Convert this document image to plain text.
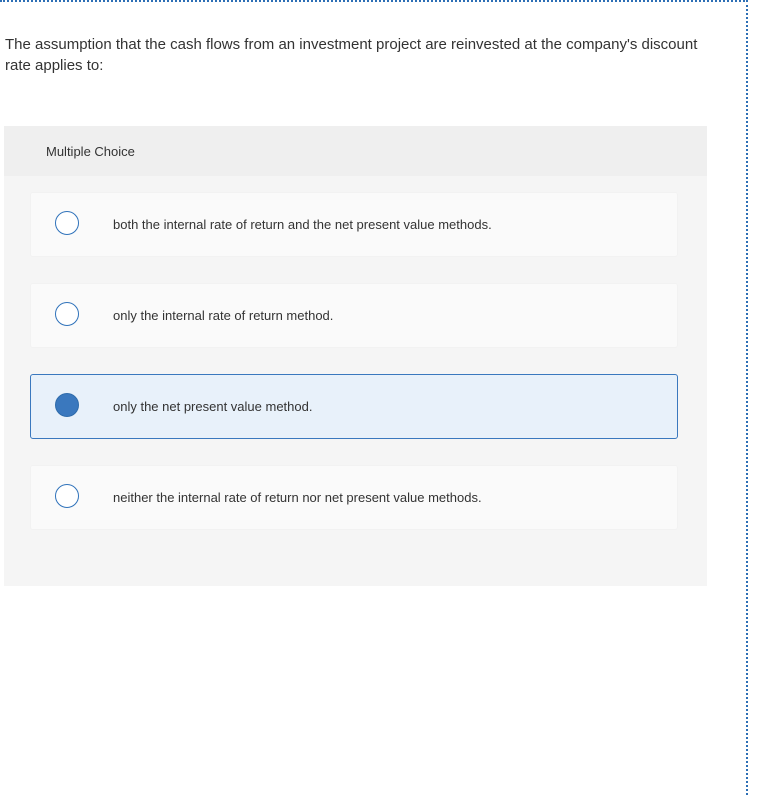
The assumption that the cash flows from an investment project are reinvested at the company's discount rate applies to:
Multiple Choice
both the internal rate of return and the net present value methods.
only the internal rate of return method.
only the net present value method.
neither the internal rate of return nor net present value methods.
